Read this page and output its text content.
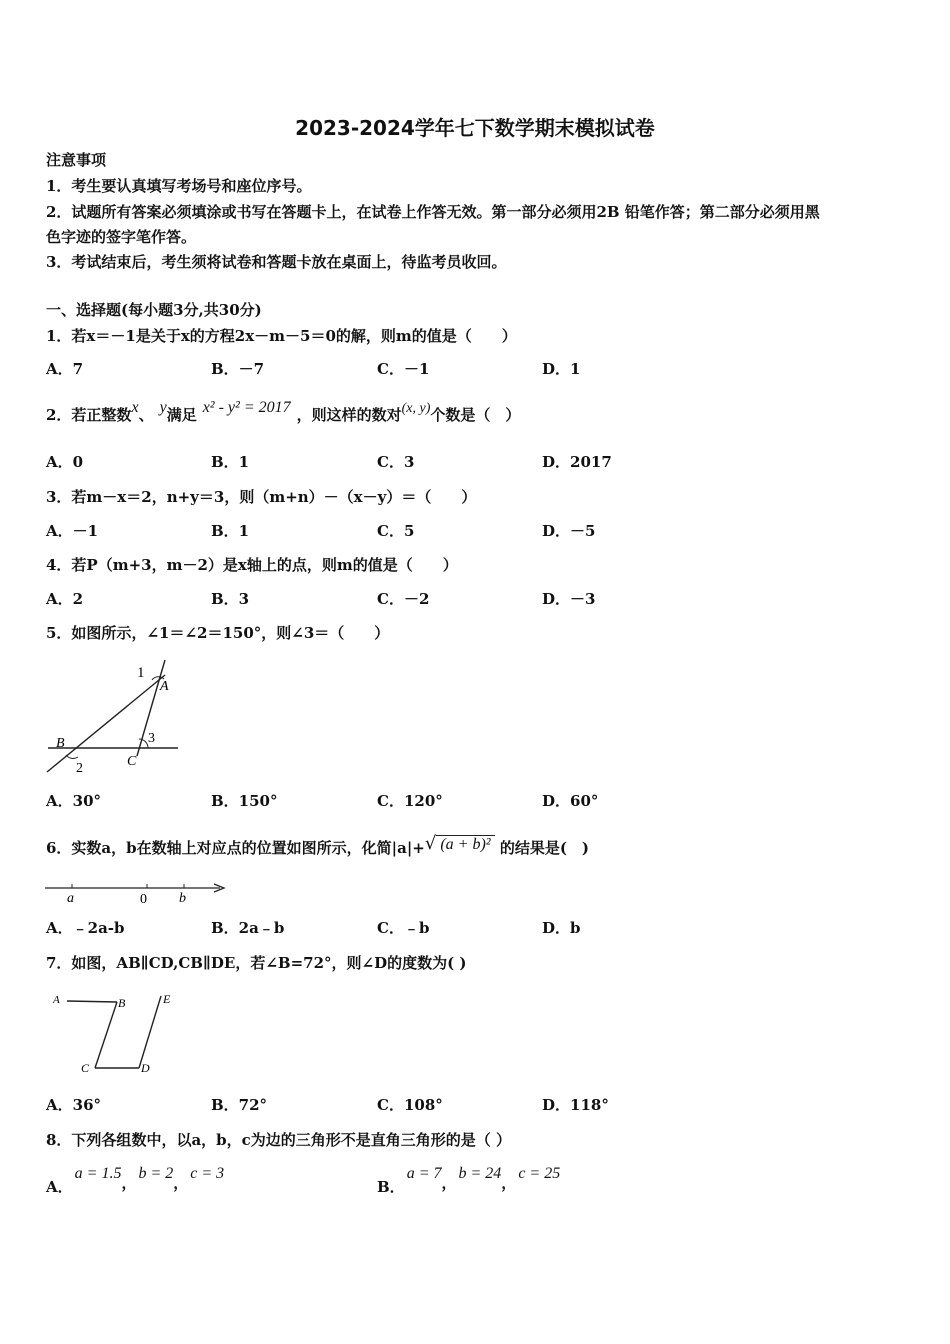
2023-2024学年七下数学期末模拟试卷
注意事项
1．考生要认真填写考场号和座位序号。
2．试题所有答案必须填涂或书写在答题卡上，在试卷上作答无效。第一部分必须用2B 铅笔作答；第二部分必须用黑
色字迹的签字笔作答。
3．考试结束后，考生须将试卷和答题卡放在桌面上，待监考员收回。
一、选择题(每小题3分,共30分)
1．若x＝－1是关于x的方程2x－m－5＝0的解，则m的值是（　　）
A．7	B．－7	C．－1	D．1
2．若正整数x、 y满足 x² - y² = 2017 ，则这样的数对(x, y)个数是（　）
A．0	B．1	C．3	D．2017
3．若m－x＝2，n+y＝3，则（m+n）－（x－y）＝（　　）
A．－1	B．1	C．5	D．－5
4．若P（m+3，m－2）是x轴上的点，则m的值是（　　）
A．2	B．3	C．－2	D．－3
5．如图所示，∠1＝∠2＝150°，则∠3＝（　　）
1
A
B	3
C
2
A．30°	B．150°	C．120°	D．60°
6．实数a，b在数轴上对应点的位置如图所示，化简|a|+√ (a + b)² 的结果是(　)
a	0 b
A．﹣2a-b	B．2a﹣b	C．﹣b	D．b
7．如图，AB∥CD,CB∥DE，若∠B=72°，则∠D的度数为( )
A	B	E
C	D
A．36°	B．72°	C．108°	D．118°
8．下列各组数中，以a，b，c为边的三角形不是直角三角形的是（ ）
A．a = 1.5，b = 2，c = 3
B．a = 7，b = 24，c = 25
